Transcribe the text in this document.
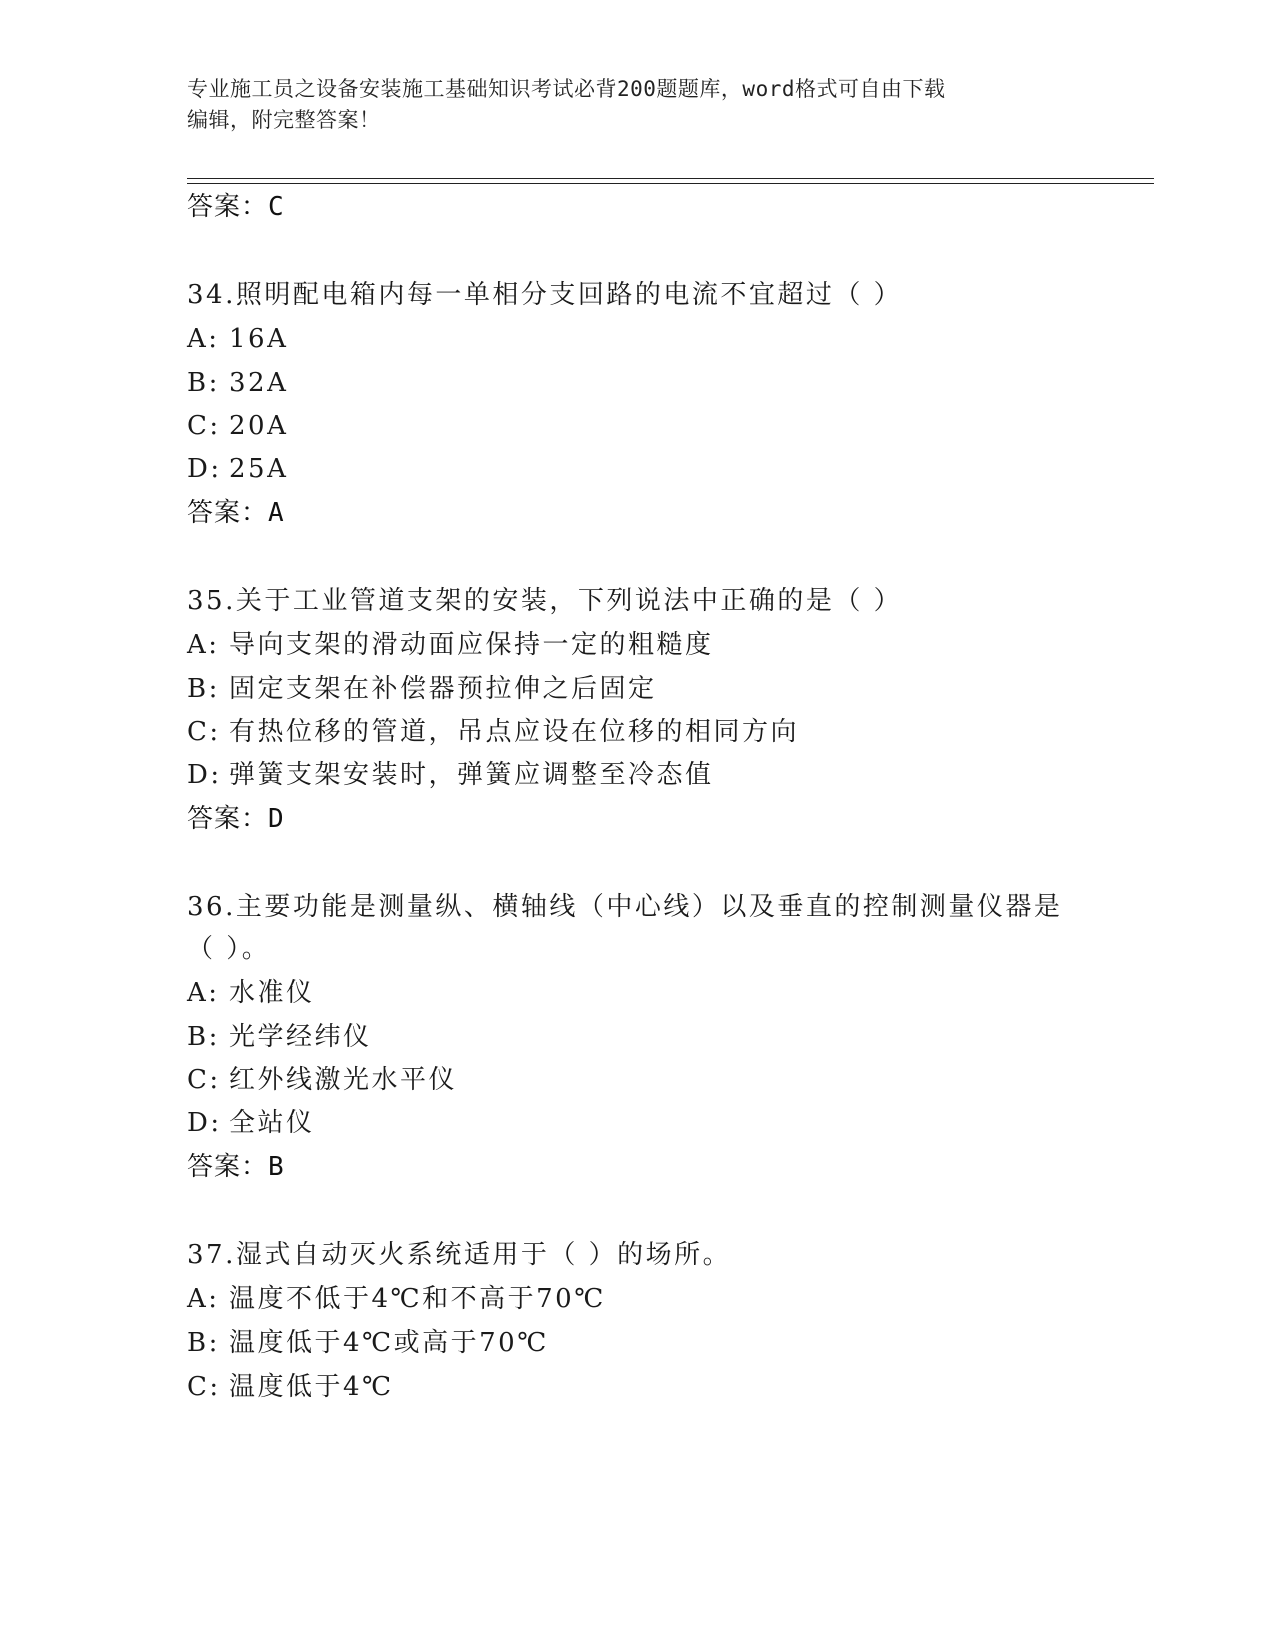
专业施工员之设备安装施工基础知识考试必背200题题库，word格式可自由下载
编辑，附完整答案！
答案：C
34.照明配电箱内每一单相分支回路的电流不宜超过（ ）
A: 16A
B: 32A
C: 20A
D: 25A
答案：A
35.关于工业管道支架的安装，下列说法中正确的是（ ）
A: 导向支架的滑动面应保持一定的粗糙度
B: 固定支架在补偿器预拉伸之后固定
C: 有热位移的管道，吊点应设在位移的相同方向
D: 弹簧支架安装时，弹簧应调整至冷态值
答案：D
36.主要功能是测量纵、横轴线（中心线）以及垂直的控制测量仪器是
（ ）。
A: 水准仪
B: 光学经纬仪
C: 红外线激光水平仪
D: 全站仪
答案：B
37.湿式自动灭火系统适用于（ ）的场所。
A: 温度不低于4℃和不高于70℃
B: 温度低于4℃或高于70℃
C: 温度低于4℃
